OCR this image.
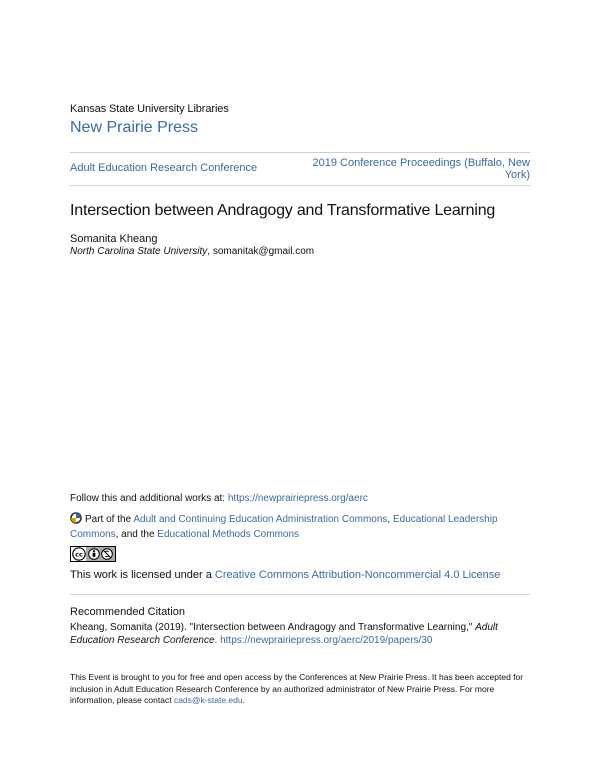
Kansas State University Libraries
New Prairie Press
Adult Education Research Conference	2019 Conference Proceedings (Buffalo, New York)
Intersection between Andragogy and Transformative Learning
Somanita Kheang
North Carolina State University, somanitak@gmail.com
Follow this and additional works at: https://newprairiepress.org/aerc
Part of the Adult and Continuing Education Administration Commons, Educational Leadership Commons, and the Educational Methods Commons
cc
This work is licensed under a Creative Commons Attribution-Noncommercial 4.0 License
Recommended Citation
Kheang, Somanita (2019). "Intersection between Andragogy and Transformative Learning," Adult Education Research Conference. https://newprairiepress.org/aerc/2019/papers/30
This Event is brought to you for free and open access by the Conferences at New Prairie Press. It has been accepted for inclusion in Adult Education Research Conference by an authorized administrator of New Prairie Press. For more information, please contact cads@k-state.edu.
